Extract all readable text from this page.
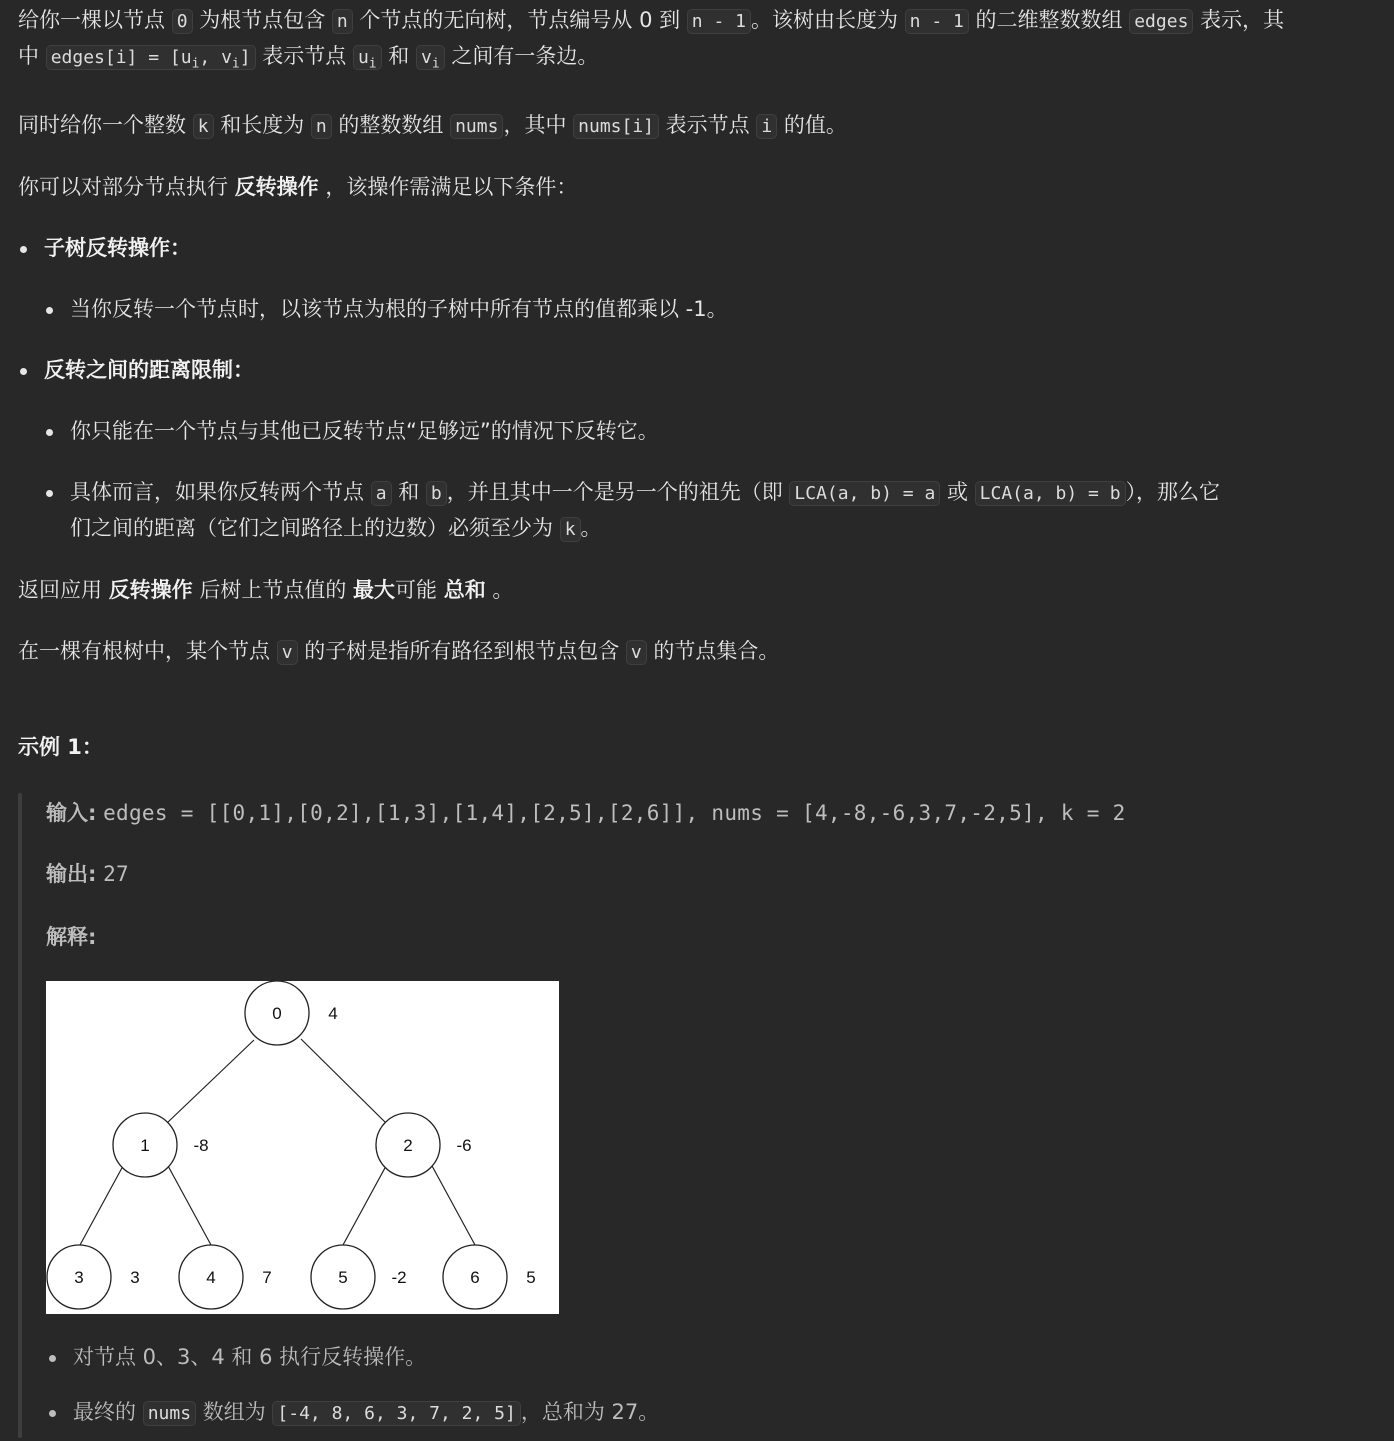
给你一棵以节点 0 为根节点包含 n 个节点的无向树，节点编号从 0 到 n - 1 。该树由长度为 n - 1 的二维整数数组 edges 表示，其
中 edges[i] = [$u_i$, $v_i$] 表示节点 $u_i$ 和 $v_i$ 之间有一条边。

同时给你一个整数 k 和长度为 n 的整数数组 nums ，其中 nums[i] 表示节点 i 的值。

你可以对部分节点执行 反转操作 ，该操作需满足以下条件：

子树反转操作：
当你反转一个节点时，以该节点为根的子树中所有节点的值都乘以 -1。
反转之间的距离限制：
你只能在一个节点与其他已反转节点“足够远”的情况下反转它。
具体而言，如果你反转两个节点 a 和 b ，并且其中一个是另一个的祖先（即 LCA(a, b) = a 或 LCA(a, b) = b ），那么它
们之间的距离（它们之间路径上的边数）必须至少为 k 。

返回应用 反转操作 后树上节点值的 最大可能 总和 。

在一棵有根树中，某个节点 v 的子树是指所有路径到根节点包含 v 的节点集合。

示例 1：

输入: edges = [[0,1],[0,2],[1,3],[1,4],[2,5],[2,6]], nums = [4,-8,-6,3,7,-2,5], k = 2

输出: 27

解释:

0	4
1	-8	2	-6
3	3	4	7	5	-2	6	5
对节点 0、3、4 和 6 执行反转操作。
最终的 nums 数组为 [-4, 8, 6, 3, 7, 2, 5] ，总和为 27。
